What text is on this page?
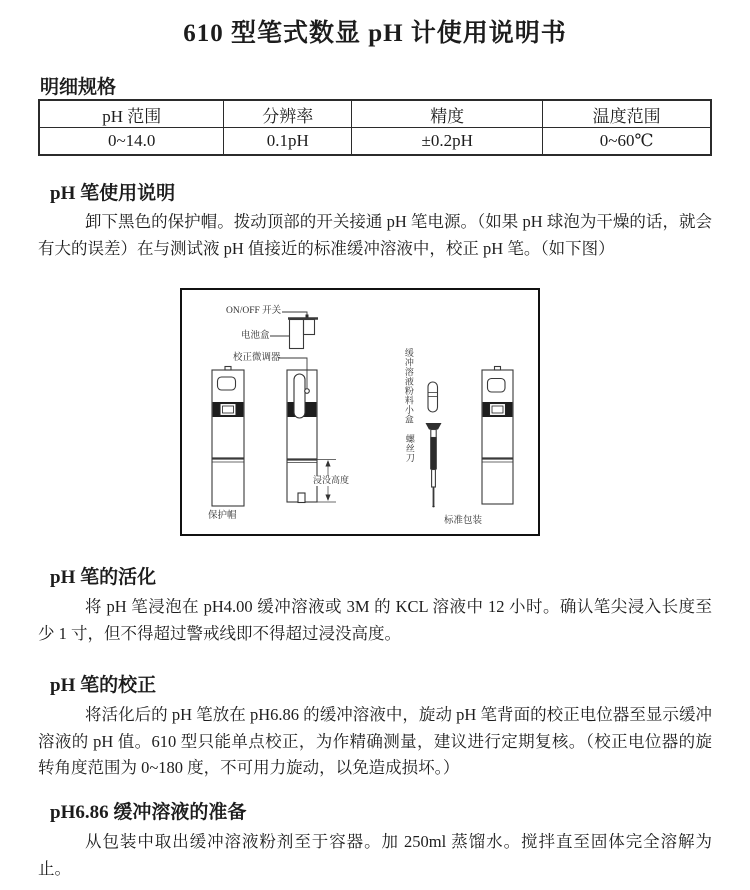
610 型笔式数显 pH 计使用说明书
明细规格
pH 范围	分辨率	精度	温度范围
0~14.0	0.1pH	±0.2pH	0~60℃
pH 笔使用说明
卸下黑色的保护帽。拨动顶部的开关接通 pH 笔电源。（如果 pH 球泡为干燥的话，就会有大的误差）在与测试液 pH 值接近的标准缓冲溶液中，校正 pH 笔。（如下图）
ON/OFF 开关
电池盒
校正微调器
浸没高度
保护帽
缓冲溶液粉料小盒
螺丝刀
标准包装
pH 笔的活化
将 pH 笔浸泡在 pH4.00 缓冲溶液或 3M 的 KCL 溶液中 12 小时。确认笔尖浸入长度至少 1 寸，但不得超过警戒线即不得超过浸没高度。
pH 笔的校正
将活化后的 pH 笔放在 pH6.86 的缓冲溶液中，旋动 pH 笔背面的校正电位器至显示缓冲溶液的 pH 值。610 型只能单点校正，为作精确测量，建议进行定期复核。（校正电位器的旋转角度范围为 0~180 度，不可用力旋动，以免造成损坏。）
pH6.86 缓冲溶液的准备
从包装中取出缓冲溶液粉剂至于容器。加 250ml 蒸馏水。搅拌直至固体完全溶解为止。
